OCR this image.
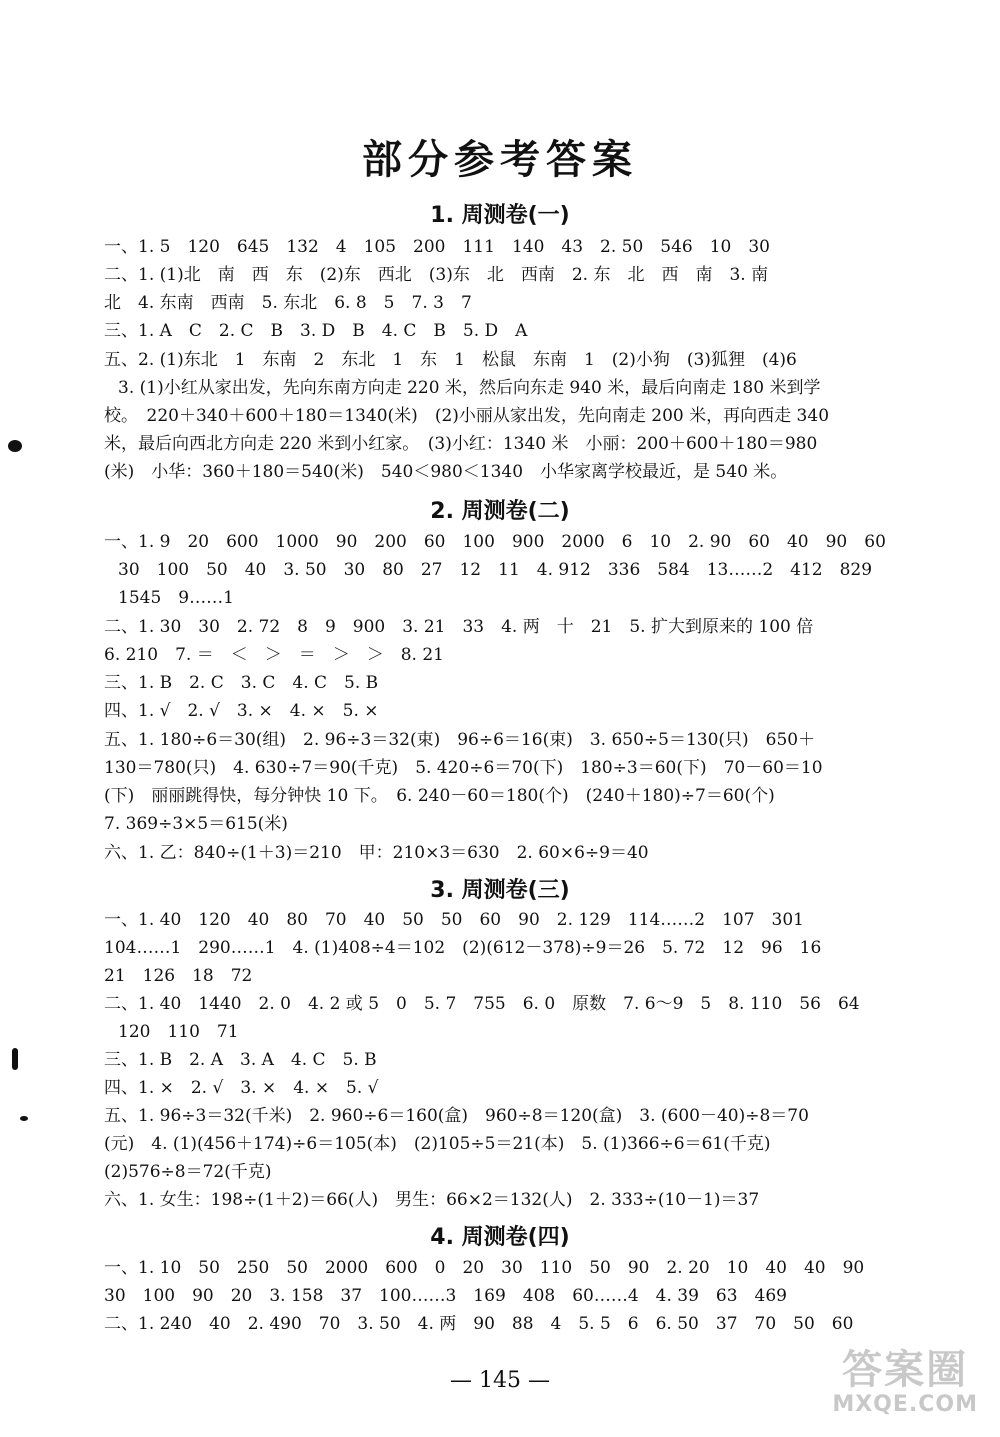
部分参考答案
1. 周测卷(一)
一、1. 5　120　645　132　4　105　200　111　140　43　2. 50　546　10　30
二、1. (1)北　南　西　东　(2)东　西北　(3)东　北　西南　2. 东　北　西　南　3. 南
北　4. 东南　西南　5. 东北　6. 8　5　7. 3　7
三、1. A　C　2. C　B　3. D　B　4. C　B　5. D　A
五、2. (1)东北　1　东南　2　东北　1　东　1　松鼠　东南　1　(2)小狗　(3)狐狸　(4)6
3. (1)小红从家出发，先向东南方向走 220 米，然后向东走 940 米，最后向南走 180 米到学
校。　220＋340＋600＋180＝1340(米)　(2)小丽从家出发，先向南走 200 米，再向西走 340
米，最后向西北方向走 220 米到小红家。　(3)小红：1340 米　小丽：200＋600＋180＝980
(米)　小华：360＋180＝540(米)　540＜980＜1340　小华家离学校最近，是 540 米。
2. 周测卷(二)
一、1. 9　20　600　1000　90　200　60　100　900　2000　6　10　2. 90　60　40　90　60
30　100　50　40　3. 50　30　80　27　12　11　4. 912　336　584　13……2　412　829
1545　9……1
二、1. 30　30　2. 72　8　9　900　3. 21　33　4. 两　十　21　5. 扩大到原来的 100 倍
6. 210　7. ＝　＜　＞　＝　＞　＞　8. 21
三、1. B　2. C　3. C　4. C　5. B
四、1. √　2. √　3. ×　4. ×　5. ×
五、1. 180÷6＝30(组)　2. 96÷3＝32(束)　96÷6＝16(束)　3. 650÷5＝130(只)　650＋
130＝780(只)　4. 630÷7＝90(千克)　5. 420÷6＝70(下)　180÷3＝60(下)　70－60＝10
(下)　丽丽跳得快，每分钟快 10 下。　6. 240－60＝180(个)　(240＋180)÷7＝60(个)
7. 369÷3×5＝615(米)
六、1. 乙：840÷(1＋3)＝210　甲：210×3＝630　2. 60×6÷9＝40
3. 周测卷(三)
一、1. 40　120　40　80　70　40　50　50　60　90　2. 129　114……2　107　301
104……1　290……1　4. (1)408÷4＝102　(2)(612－378)÷9＝26　5. 72　12　96　16
21　126　18　72
二、1. 40　1440　2. 0　4. 2 或 5　0　5. 7　755　6. 0　原数　7. 6～9　5　8. 110　56　64
120　110　71
三、1. B　2. A　3. A　4. C　5. B
四、1. ×　2. √　3. ×　4. ×　5. √
五、1. 96÷3＝32(千米)　2. 960÷6＝160(盒)　960÷8＝120(盒)　3. (600－40)÷8＝70
(元)　4. (1)(456＋174)÷6＝105(本)　(2)105÷5＝21(本)　5. (1)366÷6＝61(千克)
(2)576÷8＝72(千克)
六、1. 女生：198÷(1＋2)＝66(人)　男生：66×2＝132(人)　2. 333÷(10－1)＝37
4. 周测卷(四)
一、1. 10　50　250　50　2000　600　0　20　30　110　50　90　2. 20　10　40　40　90
30　100　90　20　3. 158　37　100……3　169　408　60……4　4. 39　63　469
二、1. 240　40　2. 490　70　3. 50　4. 两　90　88　4　5. 5　6　6. 50　37　70　50　60
— 145 —	答案圈
MXQE.COM
